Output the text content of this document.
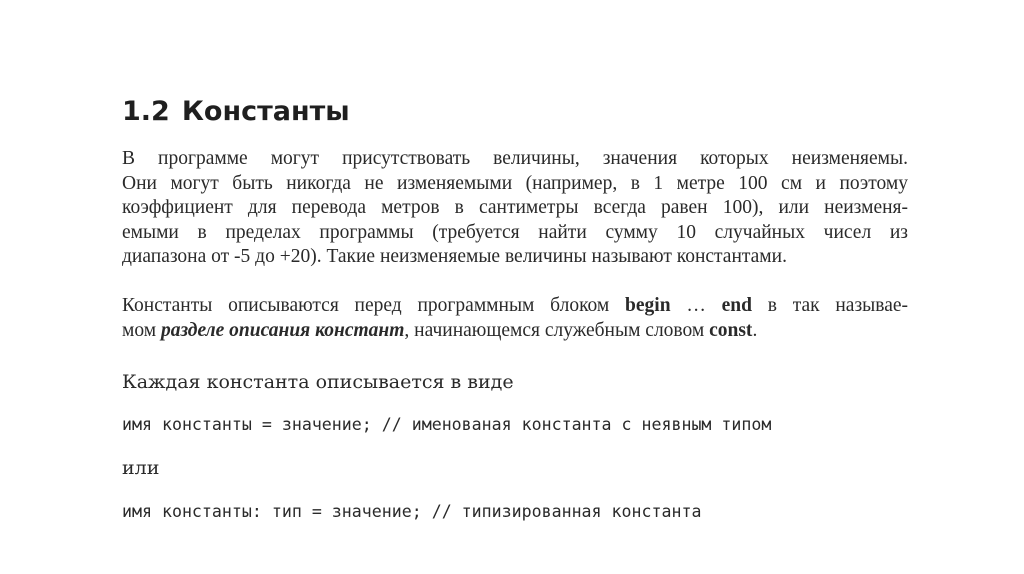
1.2 Константы

В программе могут присутствовать величины, значения которых неизменяемы.
Они могут быть никогда не изменяемыми (например, в 1 метре 100 см и поэтому
коэффициент для перевода метров в сантиметры всегда равен 100), или неизменя-
емыми в пределах программы (требуется найти сумму 10 случайных чисел из
диапазона от -5 до +20). Такие неизменяемые величины называют константами.

Константы описываются перед программным блоком begin … end в так называе-
мом разделе описания констант, начинающемся служебным словом const.

Каждая константа описывается в виде

имя константы = значение; // именованая константа с неявным типом

или

имя константы: тип = значение; // типизированная константа
